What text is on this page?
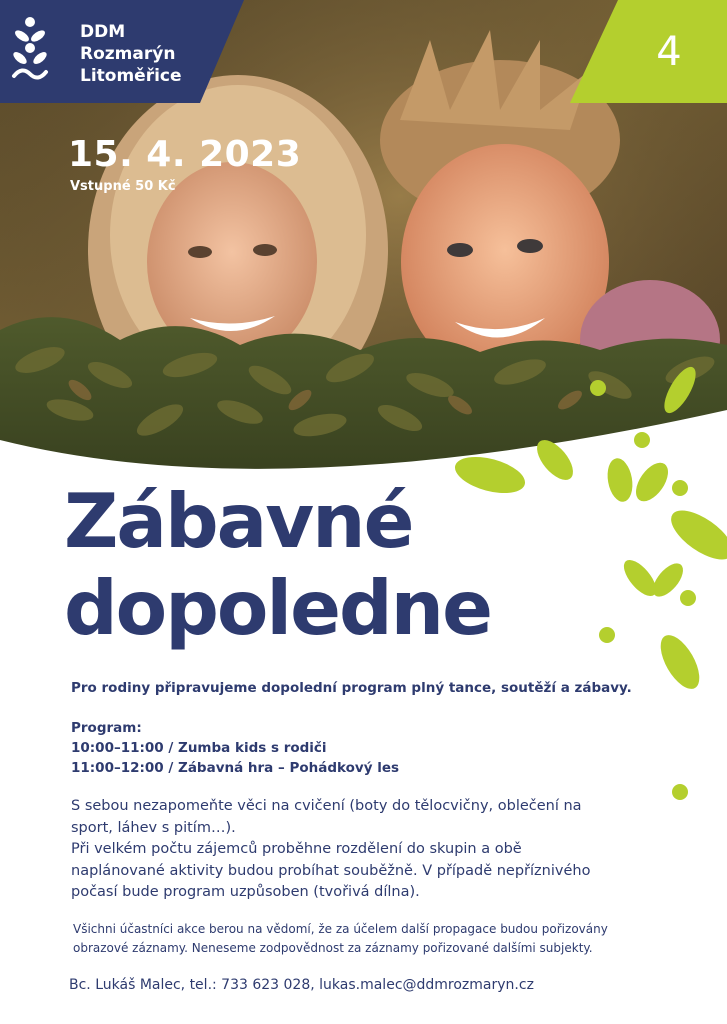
DDM
Rozmarýn
Litoměřice
4
15. 4. 2023
Vstupné 50 Kč
Zábavné
dopoledne

Pro rodiny připravujeme dopolední program plný tance, soutěží a zábavy.

Program:

10:00–11:00 / Zumba kids s rodiči

11:00–12:00 / Zábavná hra – Pohádkový les

S sebou nezapomeňte věci na cvičení (boty do tělocvičny, oblečení na
sport, láhev s pitím…).
Při velkém počtu zájemců proběhne rozdělení do skupin a obě
naplánované aktivity budou probíhat souběžně. V případě nepříznivého
počasí bude program uzpůsoben (tvořivá dílna).
Všichni účastníci akce berou na vědomí, že za účelem další propagace budou pořizovány
obrazové záznamy. Neneseme zodpovědnost za záznamy pořizované dalšími subjekty.
Bc. Lukáš Malec, tel.: 733 623 028, lukas.malec@ddmrozmaryn.cz
